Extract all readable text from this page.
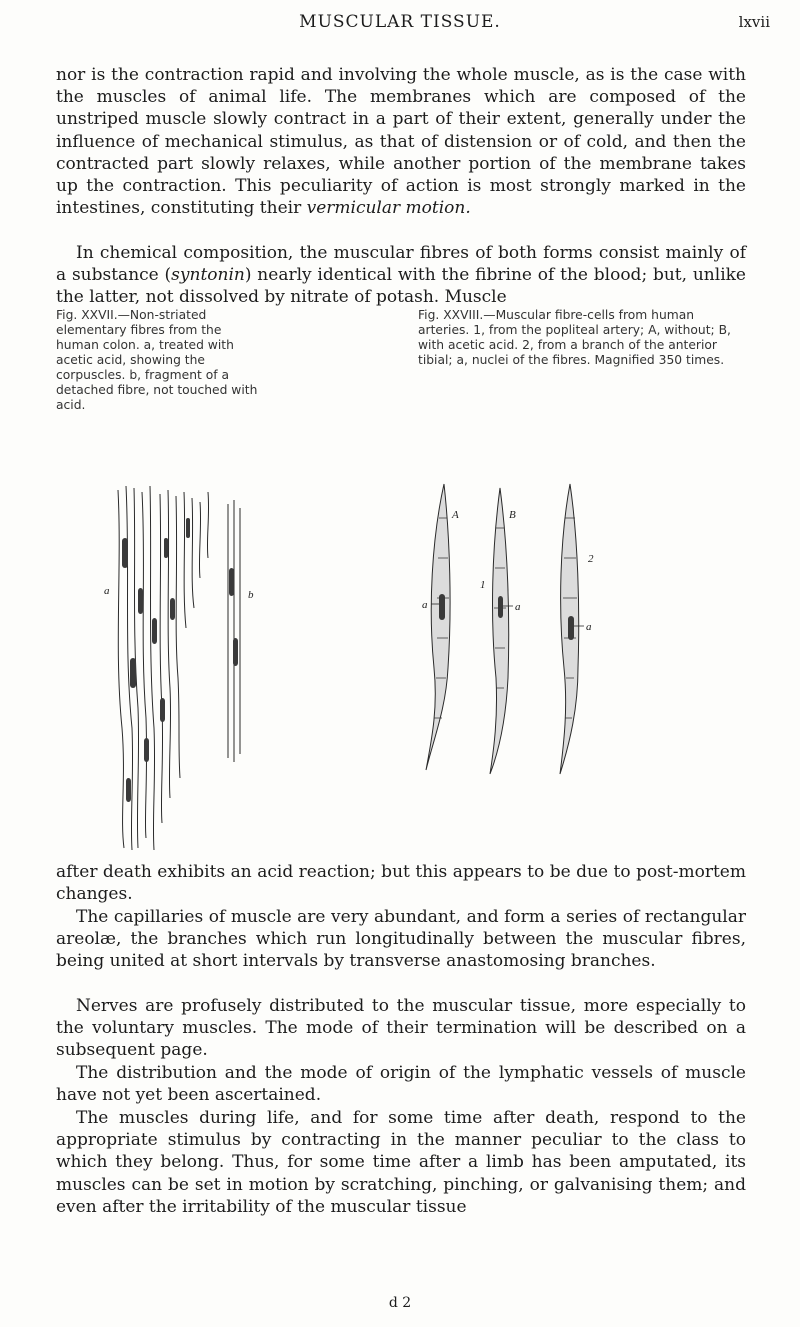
MUSCULAR TISSUE.	lxvii

nor is the contraction rapid and involving the whole muscle, as is the case with the muscles of animal life. The membranes which are composed of the unstriped muscle slowly contract in a part of their extent, generally under the influence of mechanical stimulus, as that of distension or of cold, and then the contracted part slowly relaxes, while another portion of the membrane takes up the contraction. This peculiarity of action is most strongly marked in the intestines, constituting their vermicular motion.

In chemical composition, the muscular fibres of both forms consist mainly of a substance (syntonin) nearly identical with the fibrine of the blood; but, unlike the latter, not dissolved by nitrate of potash. Muscle

Fig. XXVII.—Non-striated elementary fibres from the human colon. a, treated with acetic acid, showing the corpuscles. b, fragment of a detached fibre, not touched with acid.

Fig. XXVIII.—Muscular fibre-cells from human arteries. 1, from the popliteal artery; A, without; B, with acetic acid. 2, from a branch of the anterior tibial; a, nuclei of the fibres. Magnified 350 times.

a	b
A	B
1
2
a	a
a

after death exhibits an acid reaction; but this appears to be due to post-mortem changes.

The capillaries of muscle are very abundant, and form a series of rectangular areolæ, the branches which run longitudinally between the muscular fibres, being united at short intervals by transverse anastomosing branches.

Nerves are profusely distributed to the muscular tissue, more especially to the voluntary muscles. The mode of their termination will be described on a subsequent page.

The distribution and the mode of origin of the lymphatic vessels of muscle have not yet been ascertained.

The muscles during life, and for some time after death, respond to the appropriate stimulus by contracting in the manner peculiar to the class to which they belong. Thus, for some time after a limb has been amputated, its muscles can be set in motion by scratching, pinching, or galvanising them; and even after the irritability of the muscular tissue

d 2
